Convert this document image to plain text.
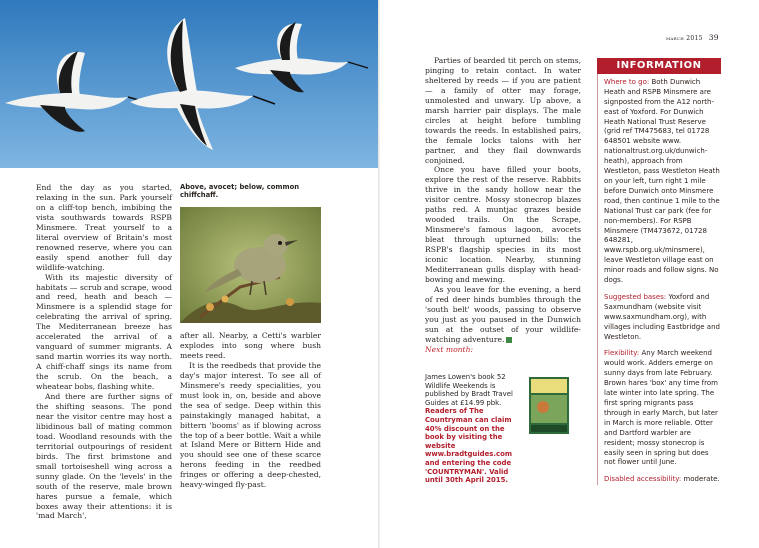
End the day as you started, relaxing in the sun. Park yourself on a cliff-top bench, imbibing the vista southwards towards RSPB Minsmere. Treat yourself to a literal overview of Britain's most renowned reserve, where you can easily spend another full day wildlife-watching.

With its majestic diversity of habitats — scrub and scrape, wood and reed, heath and beach — Minsmere is a splendid stage for celebrating the arrival of spring. The Mediterranean breeze has accelerated the arrival of a vanguard of summer migrants. A sand martin worries its way north. A chiff-chaff sings its name from the scrub. On the beach, a wheatear bobs, flashing white.

And there are further signs of the shifting seasons. The pond near the visitor centre may host a libidinous ball of mating common toad. Woodland resounds with the territorial outpourings of resident birds. The first brimstone and small tortoiseshell wing across a sunny glade. On the 'levels' in the south of the reserve, male brown hares pursue a female, which boxes away their attentions: it is 'mad March',

Above, avocet; below, common chiffchaff.

after all. Nearby, a Cetti's warbler explodes into song where bush meets reed.

It is the reedbeds that provide the day's major interest. To see all of Minsmere's reedy specialities, you must look in, on, beside and above the sea of sedge. Deep within this painstakingly managed habitat, a bittern 'booms' as if blowing across the top of a beer bottle. Wait a while at Island Mere or Bittern Hide and you should see one of these scarce herons feeding in the reedbed fringes or offering a deep-chested, heavy-winged fly-past.

march 2015 39

Parties of bearded tit perch on stems, pinging to retain contact. In water sheltered by reeds — if you are patient — a family of otter may forage, unmolested and unwary. Up above, a marsh harrier pair displays. The male circles at height before tumbling towards the reeds. In established pairs, the female locks talons with her partner, and they flail downwards conjoined.

Once you have filled your boots, explore the rest of the reserve. Rabbits thrive in the sandy hollow near the visitor centre. Mossy stonecrop blazes paths red. A muntjac grazes beside wooded trails. On the Scrape, Minsmere's famous lagoon, avocets bleat through upturned bills: the RSPB's flagship species in its most iconic location. Nearby, stunning Mediterranean gulls display with head-bowing and mewing.

As you leave for the evening, a herd of red deer hinds bumbles through the 'south belt' woods, passing to observe you just as you paused in the Dunwich sun at the outset of your wildlife-watching adventure.

Next month:

James Lowen's book 52 Wildlife Weekends is published by Bradt Travel Guides at £14.99 pbk.
Readers of The Countryman can claim 40% discount on the book by visiting the website www.bradtguides.com and entering the code 'COUNTRYMAN'. Valid until 30th April 2015.
INFORMATION

Where to go: Both Dunwich Heath and RSPB Minsmere are signposted from the A12 north-east of Yoxford. For Dunwich Heath National Trust Reserve (grid ref TM475683, tel 01728 648501 website www. nationaltrust.org.uk/dunwich-heath), approach from Westleton, pass Westleton Heath on your left, turn right 1 mile before Dunwich onto Minsmere road, then continue 1 mile to the National Trust car park (fee for non-members). For RSPB Minsmere (TM473672, 01728 648281, www.rspb.org.uk/minsmere), leave Westleton village east on minor roads and follow signs. No dogs.

Suggested bases: Yoxford and Saxmundham (website visit www.saxmundham.org), with villages including Eastbridge and Westleton.

Flexibility: Any March weekend would work. Adders emerge on sunny days from late February. Brown hares 'box' any time from late winter into late spring. The first spring migrants pass through in early March, but later in March is more reliable. Otter and Dartford warbler are resident; mossy stonecrop is easily seen in spring but does not flower until June.

Disabled accessibility: moderate.
